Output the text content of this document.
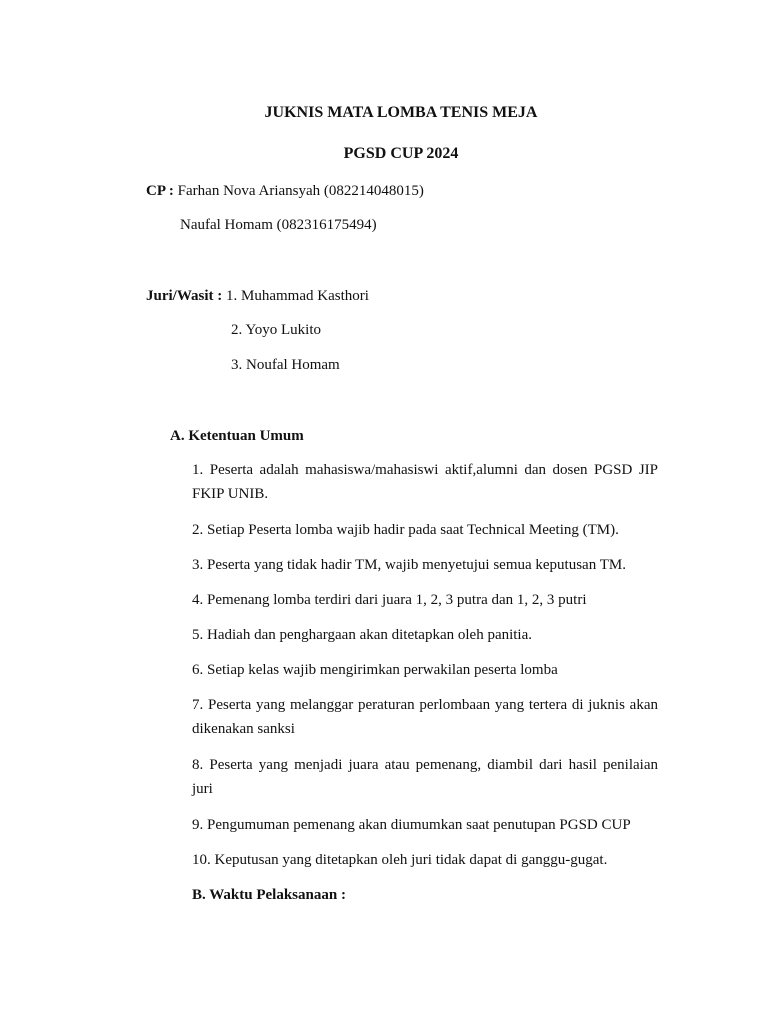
JUKNIS MATA LOMBA TENIS MEJA
PGSD CUP 2024
CP : Farhan Nova Ariansyah (082214048015)
Naufal Homam (082316175494)
Juri/Wasit : 1. Muhammad Kasthori
2. Yoyo Lukito
3. Noufal Homam
A. Ketentuan Umum

1. Peserta adalah mahasiswa/mahasiswi aktif,alumni dan dosen PGSD JIP FKIP UNIB.

2. Setiap Peserta lomba wajib hadir pada saat Technical Meeting (TM).

3. Peserta yang tidak hadir TM, wajib menyetujui semua keputusan TM.

4. Pemenang lomba terdiri dari juara 1, 2, 3 putra dan 1, 2, 3 putri

5. Hadiah dan penghargaan akan ditetapkan oleh panitia.

6. Setiap kelas wajib mengirimkan perwakilan peserta lomba

7. Peserta yang melanggar peraturan perlombaan yang tertera di juknis akan dikenakan sanksi

8. Peserta yang menjadi juara atau pemenang, diambil dari hasil penilaian juri

9. Pengumuman pemenang akan diumumkan saat penutupan PGSD CUP

10. Keputusan yang ditetapkan oleh juri tidak dapat di ganggu-gugat.

B. Waktu Pelaksanaan :
